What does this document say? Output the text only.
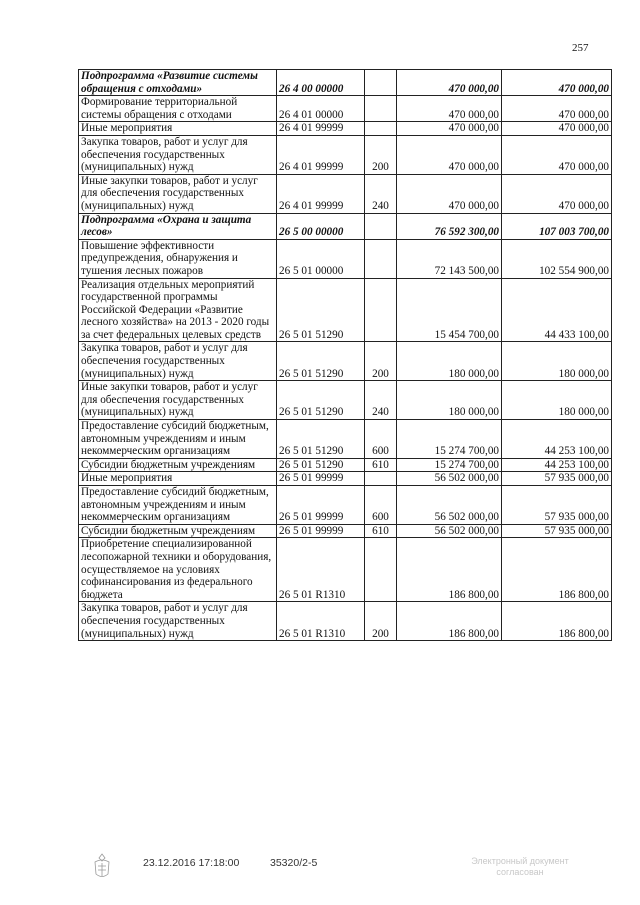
257
Подпрограмма «Развитие системы обращения с отходами»	26 4 00 00000		470 000,00	470 000,00
Формирование территориальной системы обращения с отходами	26 4 01 00000		470 000,00	470 000,00
Иные мероприятия	26 4 01 99999		470 000,00	470 000,00
Закупка товаров, работ и услуг для обеспечения государственных (муниципальных) нужд	26 4 01 99999	200	470 000,00	470 000,00
Иные закупки товаров, работ и услуг для обеспечения государственных (муниципальных) нужд	26 4 01 99999	240	470 000,00	470 000,00
Подпрограмма «Охрана и защита лесов»	26 5 00 00000		76 592 300,00	107 003 700,00
Повышение эффективности предупреждения, обнаружения и тушения лесных пожаров	26 5 01 00000		72 143 500,00	102 554 900,00
Реализация отдельных мероприятий государственной программы Российской Федерации «Развитие лесного хозяйства» на 2013 - 2020 годы за счет федеральных целевых средств	26 5 01 51290		15 454 700,00	44 433 100,00
Закупка товаров, работ и услуг для обеспечения государственных (муниципальных) нужд	26 5 01 51290	200	180 000,00	180 000,00
Иные закупки товаров, работ и услуг для обеспечения государственных (муниципальных) нужд	26 5 01 51290	240	180 000,00	180 000,00
Предоставление субсидий бюджетным, автономным учреждениям и иным некоммерческим организациям	26 5 01 51290	600	15 274 700,00	44 253 100,00
Субсидии бюджетным учреждениям	26 5 01 51290	610	15 274 700,00	44 253 100,00
Иные мероприятия	26 5 01 99999		56 502 000,00	57 935 000,00
Предоставление субсидий бюджетным, автономным учреждениям и иным некоммерческим организациям	26 5 01 99999	600	56 502 000,00	57 935 000,00
Субсидии бюджетным учреждениям	26 5 01 99999	610	56 502 000,00	57 935 000,00
Приобретение специализированной лесопожарной техники и оборудования, осуществляемое на условиях софинансирования из федерального бюджета	26 5 01 R1310		186 800,00	186 800,00
Закупка товаров, работ и услуг для обеспечения государственных (муниципальных) нужд	26 5 01 R1310	200	186 800,00	186 800,00
23.12.2016 17:18:00	35320/2-5	Электронный документ
согласован
